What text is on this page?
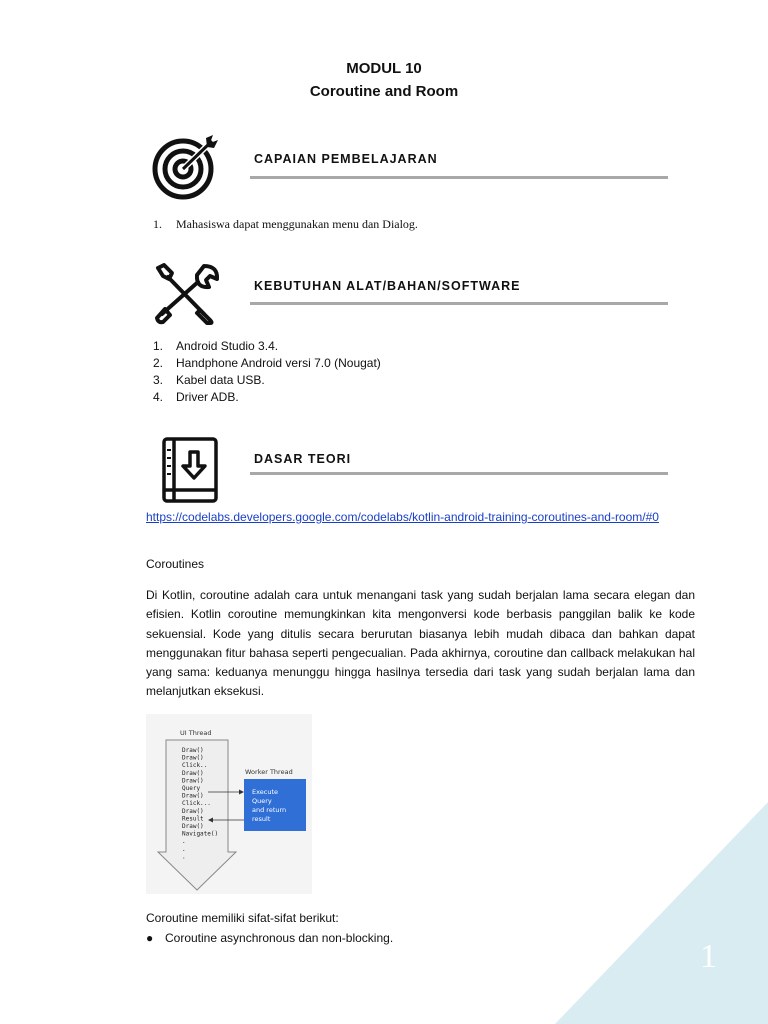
MODUL 10
Coroutine and Room
CAPAIAN PEMBELAJARAN
1.	Mahasiswa dapat menggunakan menu dan Dialog.
KEBUTUHAN ALAT/BAHAN/SOFTWARE
1.	Android Studio 3.4.
2.	Handphone Android versi 7.0 (Nougat)
3.	Kabel data USB.
4.	Driver ADB.
DASAR TEORI
https://codelabs.developers.google.com/codelabs/kotlin-android-training-coroutines-and-room/#0
Coroutines
Di Kotlin, coroutine adalah cara untuk menangani task yang sudah berjalan lama secara elegan dan efisien. Kotlin coroutine memungkinkan kita mengonversi kode berbasis panggilan balik ke kode sekuensial. Kode yang ditulis secara berurutan biasanya lebih mudah dibaca dan bahkan dapat menggunakan fitur bahasa seperti pengecualian. Pada akhirnya, coroutine dan callback melakukan hal yang sama: keduanya menunggu hingga hasilnya tersedia dari task yang sudah berjalan lama dan melanjutkan eksekusi.
UI Thread
Draw()
Draw()
Click..
Draw()
Draw()
Query
Draw()
Click...
Draw()
Result
Draw()
Navigate()
.
.
.
Worker Thread
Execute
Query
and return
result
Coroutine memiliki sifat-sifat berikut:
● Coroutine asynchronous dan non-blocking.	1
